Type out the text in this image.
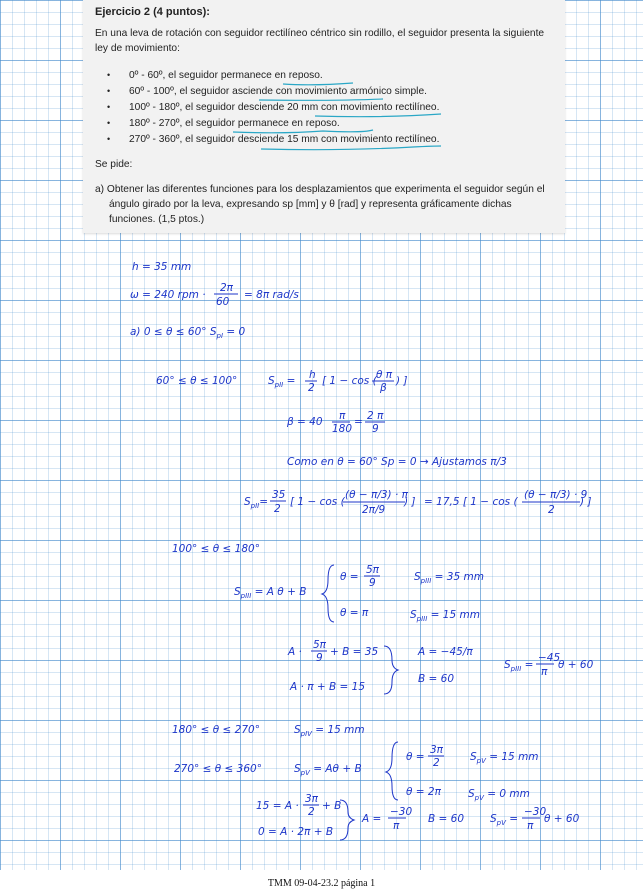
Ejercicio 2 (4 puntos):
En una leva de rotación con seguidor rectilíneo céntrico sin rodillo, el seguidor presenta la siguiente
ley de movimiento:
• 0º - 60º, el seguidor permanece en reposo.
• 60º - 100º, el seguidor asciende con movimiento armónico simple.
• 100º - 180º, el seguidor desciende 20 mm con movimiento rectilíneo.
• 180º - 270º, el seguidor permanece en reposo.
• 270º - 360º, el seguidor desciende 15 mm con movimiento rectilíneo.
Se pide:
a) Obtener las diferentes funciones para los desplazamientos que experimenta el seguidor según el
ángulo girado por la leva, expresando sp [mm] y θ [rad] y representa gráficamente dichas
funciones. (1,5 ptos.)
h = 35 mm
ω = 240 rpm ·
2π
60
= 8π rad/s
a) 0 ≤ θ ≤ 60° $S_{pI} = 0$
60° ≤ θ ≤ 100°	$S_{pII} = h$
2
[ 1 − cos ( θ π
β
) ]
β = 40 π
180
= 2 π
9
Como en θ = 60° Sp = 0 → Ajustamos π/3
$S_{pII}=$
35
2
[ 1 − cos (
(θ − π/3) · π
2π/9
) ] = 17,5 [ 1 − cos (
(θ − π/3) · 9
2
) ]
100° ≤ θ ≤ 180°
$S_{pIII} = A$ θ + B
θ =
5π
9	$S_{pIII} = 35$ mm
θ = π	$S_{pIII} = 15$ mm
A ·
5π
9 + B = 35
A · π + B = 15
A = −45/π
B = 60
$S_{pIII}$ =
−45
π
θ + 60
180° ≤ θ ≤ 270°	$S_{pIV} = 15$ mm
270° ≤ θ ≤ 360°	$S_{pV} = A\theta + B$
θ =
3π
2	$S_{pV} = 15$ mm
θ = 2π	$S_{pV} = 0$ mm
15 = A ·
3π
2 + B
0 = A · 2π + B
A =
−30
π
B = 60 $S_{pV}$ =
−30
π
θ + 60
TMM 09-04-23.2 página 1
